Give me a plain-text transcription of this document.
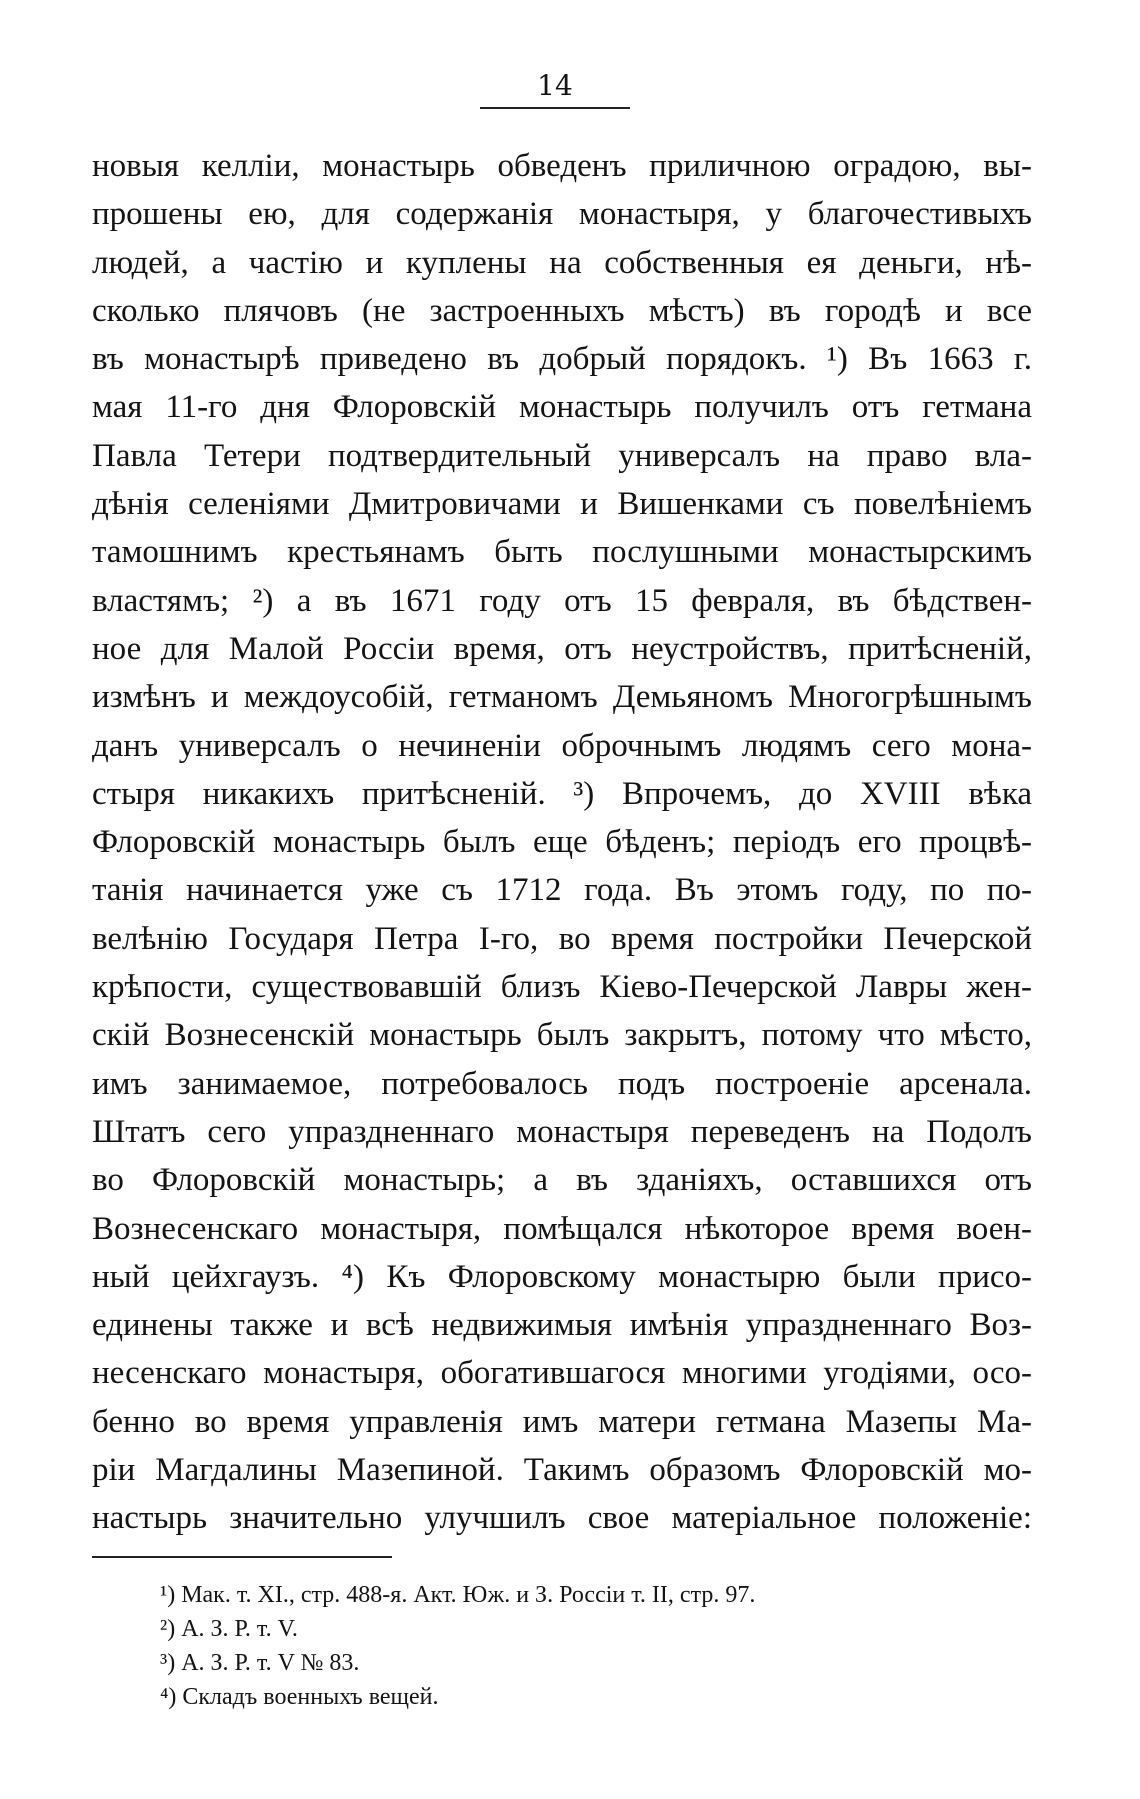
14
новыя келліи, монастырь обведенъ приличною оградою, вы-
прошены ею, для содержанія монастыря, у благочестивыхъ
людей, а частію и куплены на собственныя ея деньги, нѣ-
сколько плячовъ (не застроенныхъ мѣстъ) въ городѣ и все
въ монастырѣ приведено въ добрый порядокъ. ¹) Въ 1663 г.
мая 11-го дня Флоровскій монастырь получилъ отъ гетмана
Павла Тетери подтвердительный универсалъ на право вла-
дѣнія селеніями Дмитровичами и Вишенками съ повелѣніемъ
тамошнимъ крестьянамъ быть послушными монастырскимъ
властямъ; ²) а въ 1671 году отъ 15 февраля, въ бѣдствен-
ное для Малой Россіи время, отъ неустройствъ, притѣсненій,
измѣнъ и междоусобій, гетманомъ Демьяномъ Многогрѣшнымъ
данъ универсалъ о нечиненіи оброчнымъ людямъ сего мона-
стыря никакихъ притѣсненій. ³) Впрочемъ, до XVIII вѣка
Флоровскій монастырь былъ еще бѣденъ; періодъ его процвѣ-
танія начинается уже съ 1712 года. Въ этомъ году, по по-
велѣнію Государя Петра I-го, во время постройки Печерской
крѣпости, существовавшій близъ Кіево-Печерской Лавры жен-
скій Вознесенскій монастырь былъ закрытъ, потому что мѣсто,
имъ занимаемое, потребовалось подъ построеніе арсенала.
Штатъ сего упраздненнаго монастыря переведенъ на Подолъ
во Флоровскій монастырь; а въ зданіяхъ, оставшихся отъ
Вознесенскаго монастыря, помѣщался нѣкоторое время воен-
ный цейхгаузъ. ⁴) Къ Флоровскому монастырю были присо-
единены также и всѣ недвижимыя имѣнія упраздненнаго Воз-
несенскаго монастыря, обогатившагося многими угодіями, осо-
бенно во время управленія имъ матери гетмана Мазепы Ма-
ріи Магдалины Мазепиной. Такимъ образомъ Флоровскій мо-
настырь значительно улучшилъ свое матеріальное положеніе:
¹) Мак. т. XI., стр. 488-я. Акт. Юж. и З. Россіи т. II, стр. 97.
²) А. З. Р. т. V.
³) А. З. Р. т. V № 83.
⁴) Складъ военныхъ вещей.
